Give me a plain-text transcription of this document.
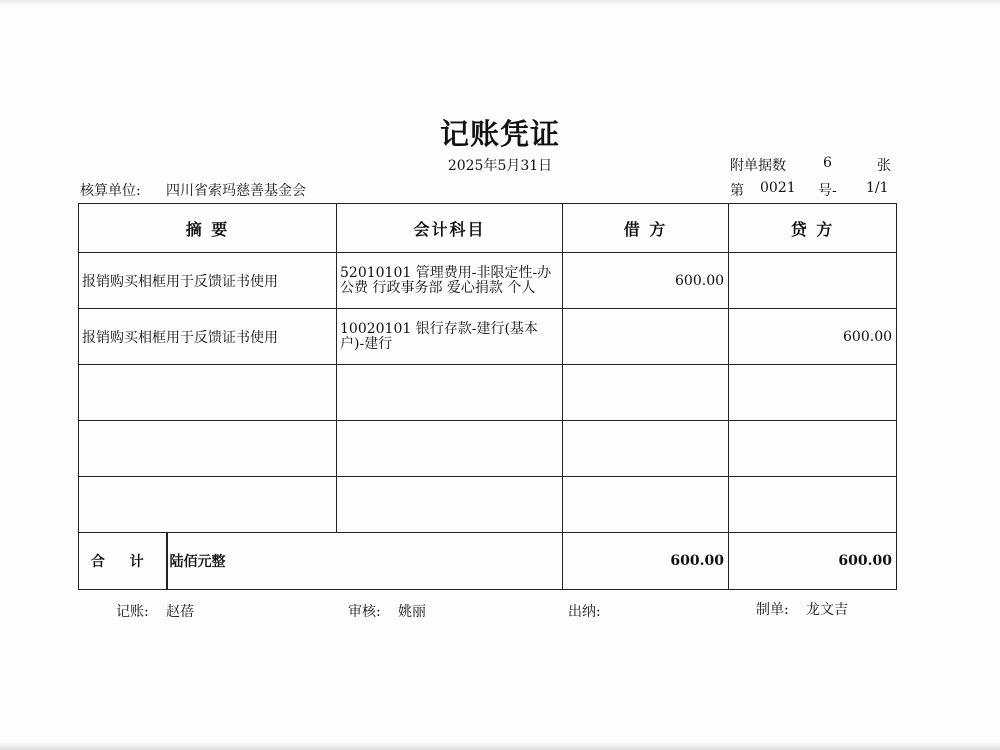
记账凭证
2025年5月31日	附单据数	6	张
核算单位: 四川省索玛慈善基金会	第 0021 号- 1/1
摘 要		会计科目	借 方	贷 方
报销购买相框用于反馈证书使用		52010101 管理费用-非限定性-办公费 行政事务部 爱心捐款 个人	600.00	
报销购买相框用于反馈证书使用		10020101 银行存款-建行(基本户)-建行		600.00

合 计	陆佰元整		600.00	600.00
记账: 赵蓓	审核: 姚丽	出纳:	制单: 龙文吉
